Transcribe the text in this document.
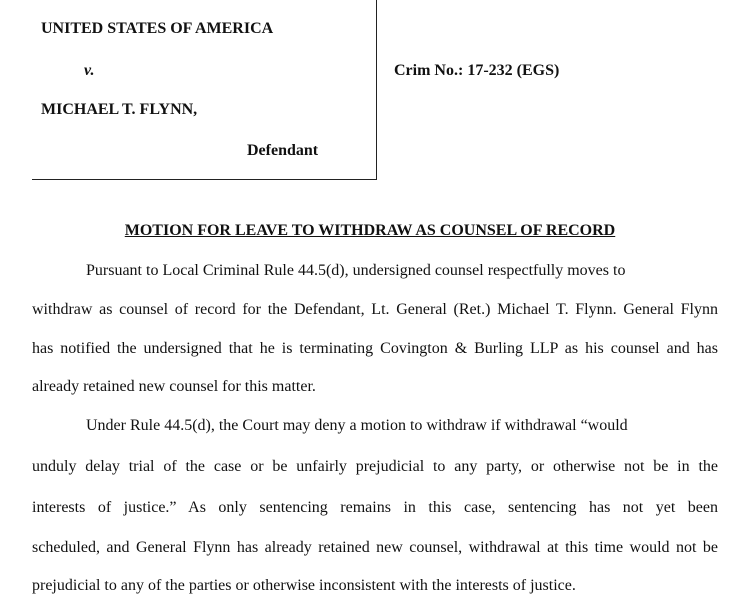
UNITED STATES OF AMERICA
v.
MICHAEL T. FLYNN,
Defendant
Crim No.: 17-232 (EGS)
MOTION FOR LEAVE TO WITHDRAW AS COUNSEL OF RECORD
Pursuant to Local Criminal Rule 44.5(d), undersigned counsel respectfully moves to
withdraw as counsel of record for the Defendant, Lt. General (Ret.) Michael T. Flynn. General Flynn
has notified the undersigned that he is terminating Covington & Burling LLP as his counsel and has
already retained new counsel for this matter.
Under Rule 44.5(d), the Court may deny a motion to withdraw if withdrawal “would
unduly delay trial of the case or be unfairly prejudicial to any party, or otherwise not be in the
interests of justice.” As only sentencing remains in this case, sentencing has not yet been
scheduled, and General Flynn has already retained new counsel, withdrawal at this time would not be
prejudicial to any of the parties or otherwise inconsistent with the interests of justice.
